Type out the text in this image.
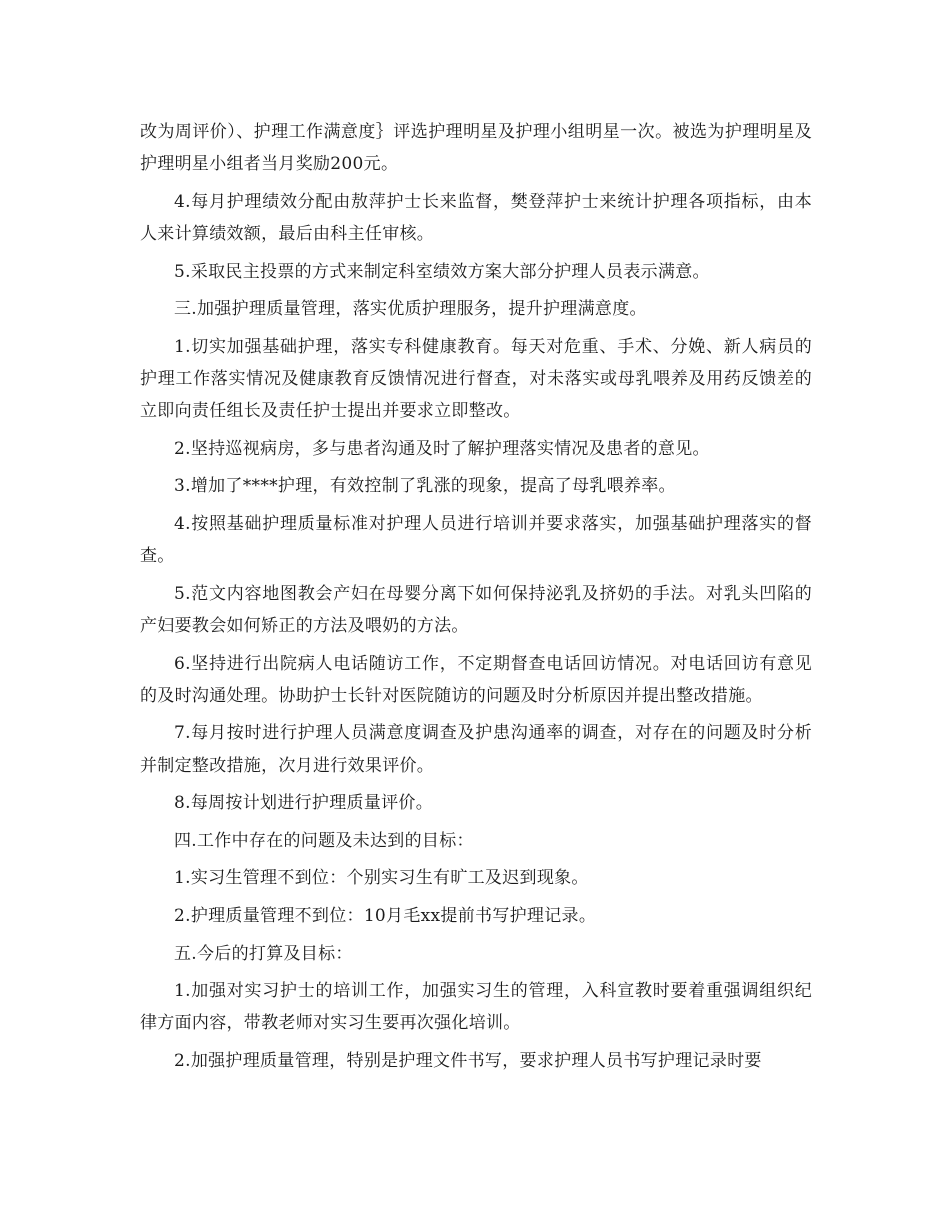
改为周评价）、护理工作满意度｝评选护理明星及护理小组明星一次。被选为护理明星及护理明星小组者当月奖励200元。

4.每月护理绩效分配由敖萍护士长来监督，樊登萍护士来统计护理各项指标，由本人来计算绩效额，最后由科主任审核。

5.采取民主投票的方式来制定科室绩效方案大部分护理人员表示满意。

三.加强护理质量管理，落实优质护理服务，提升护理满意度。

1.切实加强基础护理，落实专科健康教育。每天对危重、手术、分娩、新人病员的护理工作落实情况及健康教育反馈情况进行督查，对未落实或母乳喂养及用药反馈差的立即向责任组长及责任护士提出并要求立即整改。

2.坚持巡视病房，多与患者沟通及时了解护理落实情况及患者的意见。

3.增加了****护理，有效控制了乳涨的现象，提高了母乳喂养率。

4.按照基础护理质量标准对护理人员进行培训并要求落实，加强基础护理落实的督查。

5.范文内容地图教会产妇在母婴分离下如何保持泌乳及挤奶的手法。对乳头凹陷的产妇要教会如何矫正的方法及喂奶的方法。

6.坚持进行出院病人电话随访工作，不定期督查电话回访情况。对电话回访有意见的及时沟通处理。协助护士长针对医院随访的问题及时分析原因并提出整改措施。

7.每月按时进行护理人员满意度调查及护患沟通率的调查，对存在的问题及时分析并制定整改措施，次月进行效果评价。

8.每周按计划进行护理质量评价。

四.工作中存在的问题及未达到的目标：

1.实习生管理不到位：个别实习生有旷工及迟到现象。

2.护理质量管理不到位：10月毛xx提前书写护理记录。

五.今后的打算及目标：

1.加强对实习护士的培训工作，加强实习生的管理，入科宣教时要着重强调组织纪律方面内容，带教老师对实习生要再次强化培训。

2.加强护理质量管理，特别是护理文件书写，要求护理人员书写护理记录时要
